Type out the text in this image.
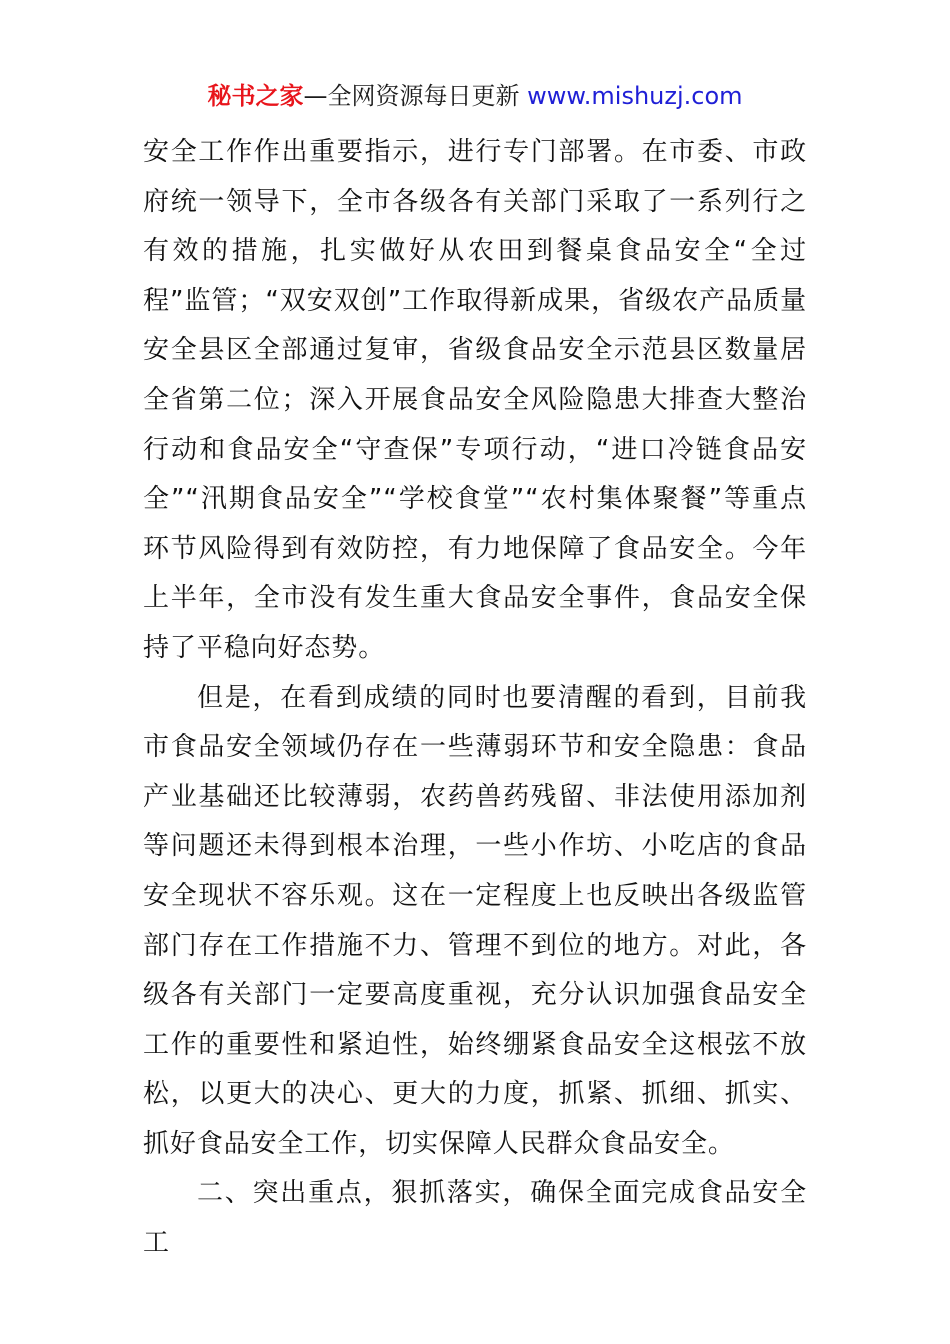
秘书之家—全网资源每日更新 www.mishuzj.com

安全工作作出重要指示，进行专门部署。在市委、市政府统一领导下，全市各级各有关部门采取了一系列行之有效的措施，扎实做好从农田到餐桌食品安全“全过程”监管；“双安双创”工作取得新成果，省级农产品质量安全县区全部通过复审，省级食品安全示范县区数量居全省第二位；深入开展食品安全风险隐患大排查大整治行动和食品安全“守查保”专项行动，“进口冷链食品安全”“汛期食品安全”“学校食堂”“农村集体聚餐”等重点环节风险得到有效防控，有力地保障了食品安全。今年上半年，全市没有发生重大食品安全事件，食品安全保持了平稳向好态势。

但是，在看到成绩的同时也要清醒的看到，目前我市食品安全领域仍存在一些薄弱环节和安全隐患：食品产业基础还比较薄弱，农药兽药残留、非法使用添加剂等问题还未得到根本治理，一些小作坊、小吃店的食品安全现状不容乐观。这在一定程度上也反映出各级监管部门存在工作措施不力、管理不到位的地方。对此，各级各有关部门一定要高度重视，充分认识加强食品安全工作的重要性和紧迫性，始终绷紧食品安全这根弦不放松，以更大的决心、更大的力度，抓紧、抓细、抓实、抓好食品安全工作，切实保障人民群众食品安全。

二、突出重点，狠抓落实，确保全面完成食品安全工
